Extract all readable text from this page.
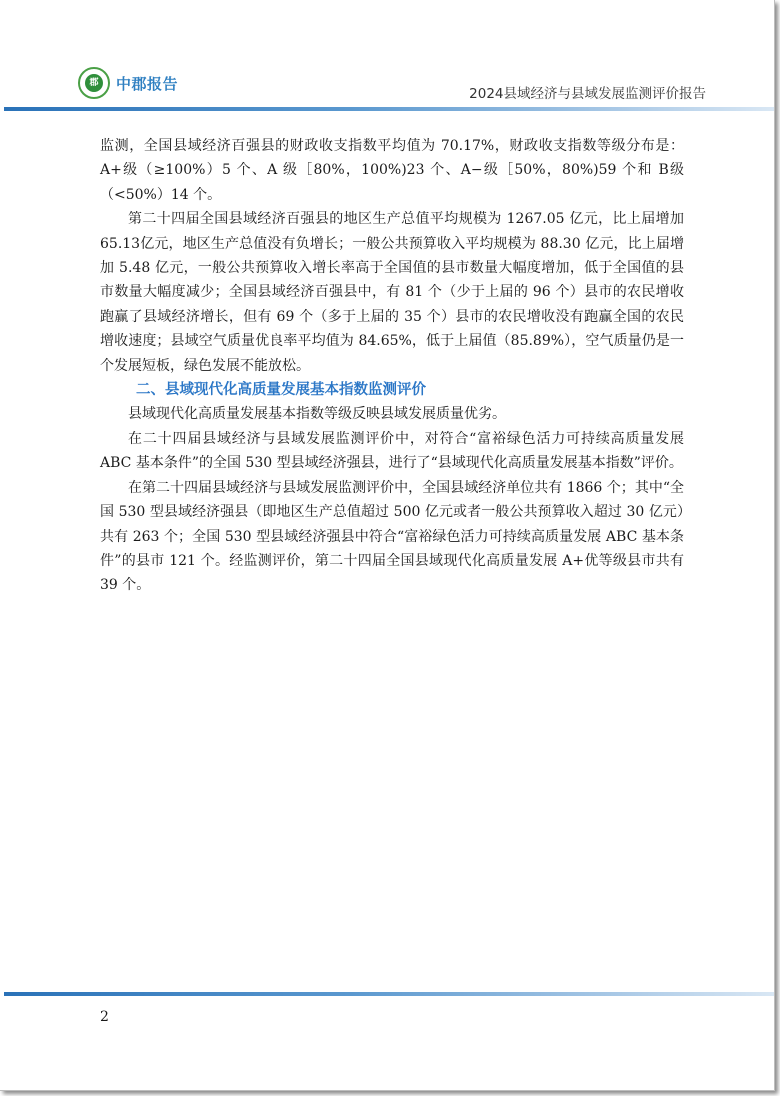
郡	中郡报告
2024县域经济与县域发展监测评价报告

监测，全国县域经济百强县的财政收支指数平均值为 70.17%，财政收支指数等级分布是： A+级（≥100%）5 个、A 级［80%，100%)23 个、A−级［50%，80%)59 个和 B级（<50%）14 个。

第二十四届全国县域经济百强县的地区生产总值平均规模为 1267.05 亿元，比上届增加65.13亿元，地区生产总值没有负增长；一般公共预算收入平均规模为 88.30 亿元，比上届增加 5.48 亿元，一般公共预算收入增长率高于全国值的县市数量大幅度增加，低于全国值的县市数量大幅度减少；全国县域经济百强县中，有 81 个（少于上届的 96 个）县市的农民增收跑赢了县域经济增长，但有 69 个（多于上届的 35 个）县市的农民增收没有跑赢全国的农民增收速度；县域空气质量优良率平均值为 84.65%，低于上届值（85.89%），空气质量仍是一个发展短板，绿色发展不能放松。

二、县域现代化高质量发展基本指数监测评价

县域现代化高质量发展基本指数等级反映县域发展质量优劣。

在二十四届县域经济与县域发展监测评价中，对符合“富裕绿色活力可持续高质量发展 ABC 基本条件”的全国 530 型县域经济强县，进行了“县域现代化高质量发展基本指数”评价。

在第二十四届县域经济与县域发展监测评价中，全国县域经济单位共有 1866 个；其中“全国 530 型县域经济强县（即地区生产总值超过 500 亿元或者一般公共预算收入超过 30 亿元）共有 263 个；全国 530 型县域经济强县中符合“富裕绿色活力可持续高质量发展 ABC 基本条件”的县市 121 个。经监测评价，第二十四届全国县域现代化高质量发展 A+优等级县市共有 39 个。

2
